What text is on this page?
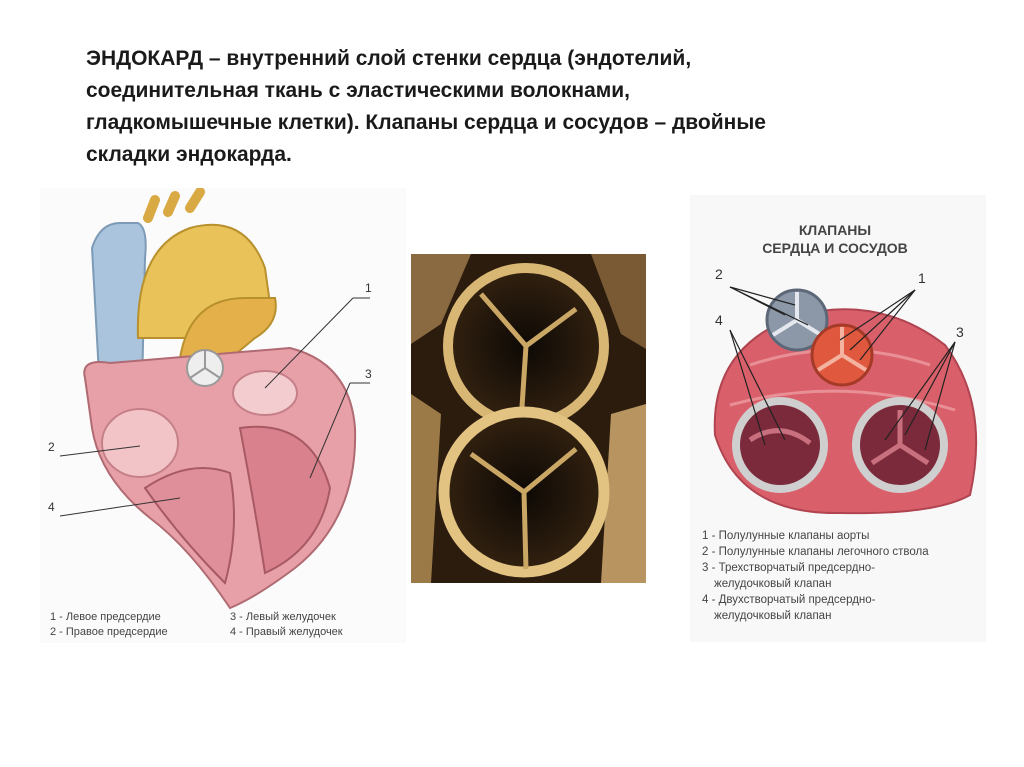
ЭНДОКАРД – внутренний слой стенки сердца (эндотелий,
соединительная ткань с эластическими волокнами,
гладкомышечные клетки). Клапаны сердца и сосудов – двойные
складки эндокарда.
1
3
2
4
1 - Левое предсердие
2 - Правое предсердие
3 - Левый желудочек
4 - Правый желудочек
КЛАПАНЫ
СЕРДЦА И СОСУДОВ
2	1
4
3
1 - Полулунные клапаны аорты
2 - Полулунные клапаны легочного ствола
3 - Трехстворчатый предсердно-
желудочковый клапан
4 - Двухстворчатый предсердно-
желудочковый клапан
